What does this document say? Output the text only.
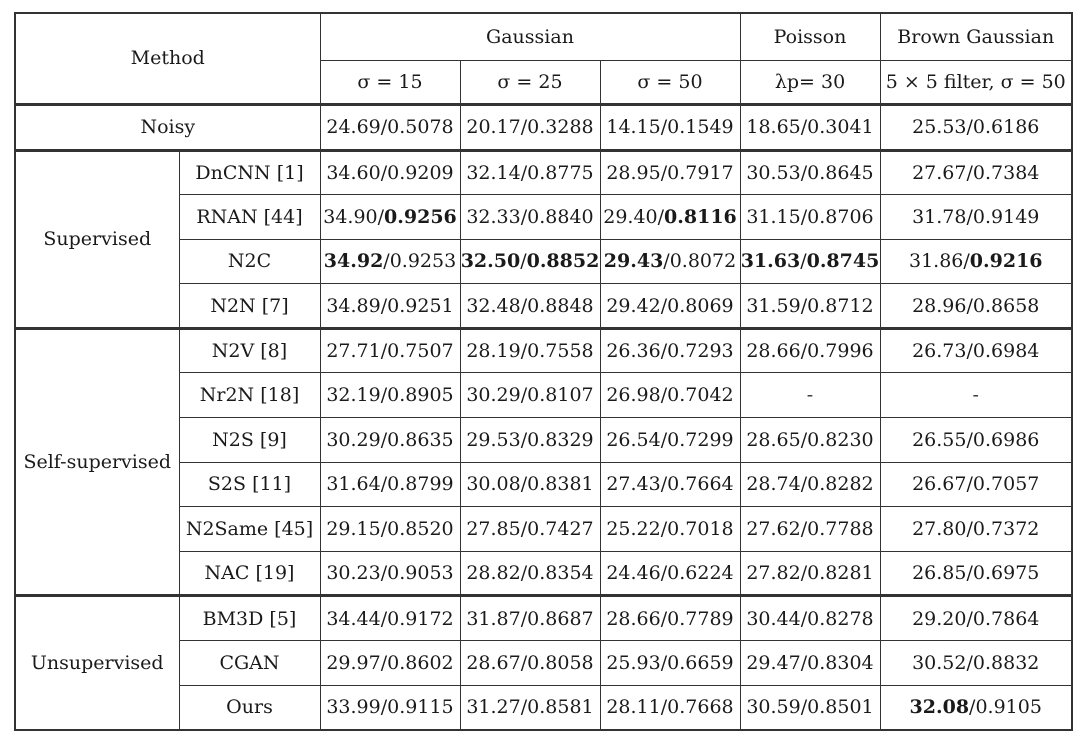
Method		Gaussian			Poisson	Brown Gaussian
		σ = 15	σ = 25	σ = 50	λp= 30	5 × 5 filter, σ = 50
Noisy		24.69/0.5078	20.17/0.3288	14.15/0.1549	18.65/0.3041	25.53/0.6186
Supervised	DnCNN [1]	34.60/0.9209	32.14/0.8775	28.95/0.7917	30.53/0.8645	27.67/0.7384
	RNAN [44]	34.90/0.9256	32.33/0.8840	29.40/0.8116	31.15/0.8706	31.78/0.9149
	N2C	34.92/0.9253	32.50/0.8852	29.43/0.8072	31.63/0.8745	31.86/0.9216
	N2N [7]	34.89/0.9251	32.48/0.8848	29.42/0.8069	31.59/0.8712	28.96/0.8658
Self-supervised	N2V [8]	27.71/0.7507	28.19/0.7558	26.36/0.7293	28.66/0.7996	26.73/0.6984
	Nr2N [18]	32.19/0.8905	30.29/0.8107	26.98/0.7042	-	-
	N2S [9]	30.29/0.8635	29.53/0.8329	26.54/0.7299	28.65/0.8230	26.55/0.6986
	S2S [11]	31.64/0.8799	30.08/0.8381	27.43/0.7664	28.74/0.8282	26.67/0.7057
	N2Same [45]	29.15/0.8520	27.85/0.7427	25.22/0.7018	27.62/0.7788	27.80/0.7372
	NAC [19]	30.23/0.9053	28.82/0.8354	24.46/0.6224	27.82/0.8281	26.85/0.6975
Unsupervised	BM3D [5]	34.44/0.9172	31.87/0.8687	28.66/0.7789	30.44/0.8278	29.20/0.7864
	CGAN	29.97/0.8602	28.67/0.8058	25.93/0.6659	29.47/0.8304	30.52/0.8832
	Ours	33.99/0.9115	31.27/0.8581	28.11/0.7668	30.59/0.8501	32.08/0.9105
